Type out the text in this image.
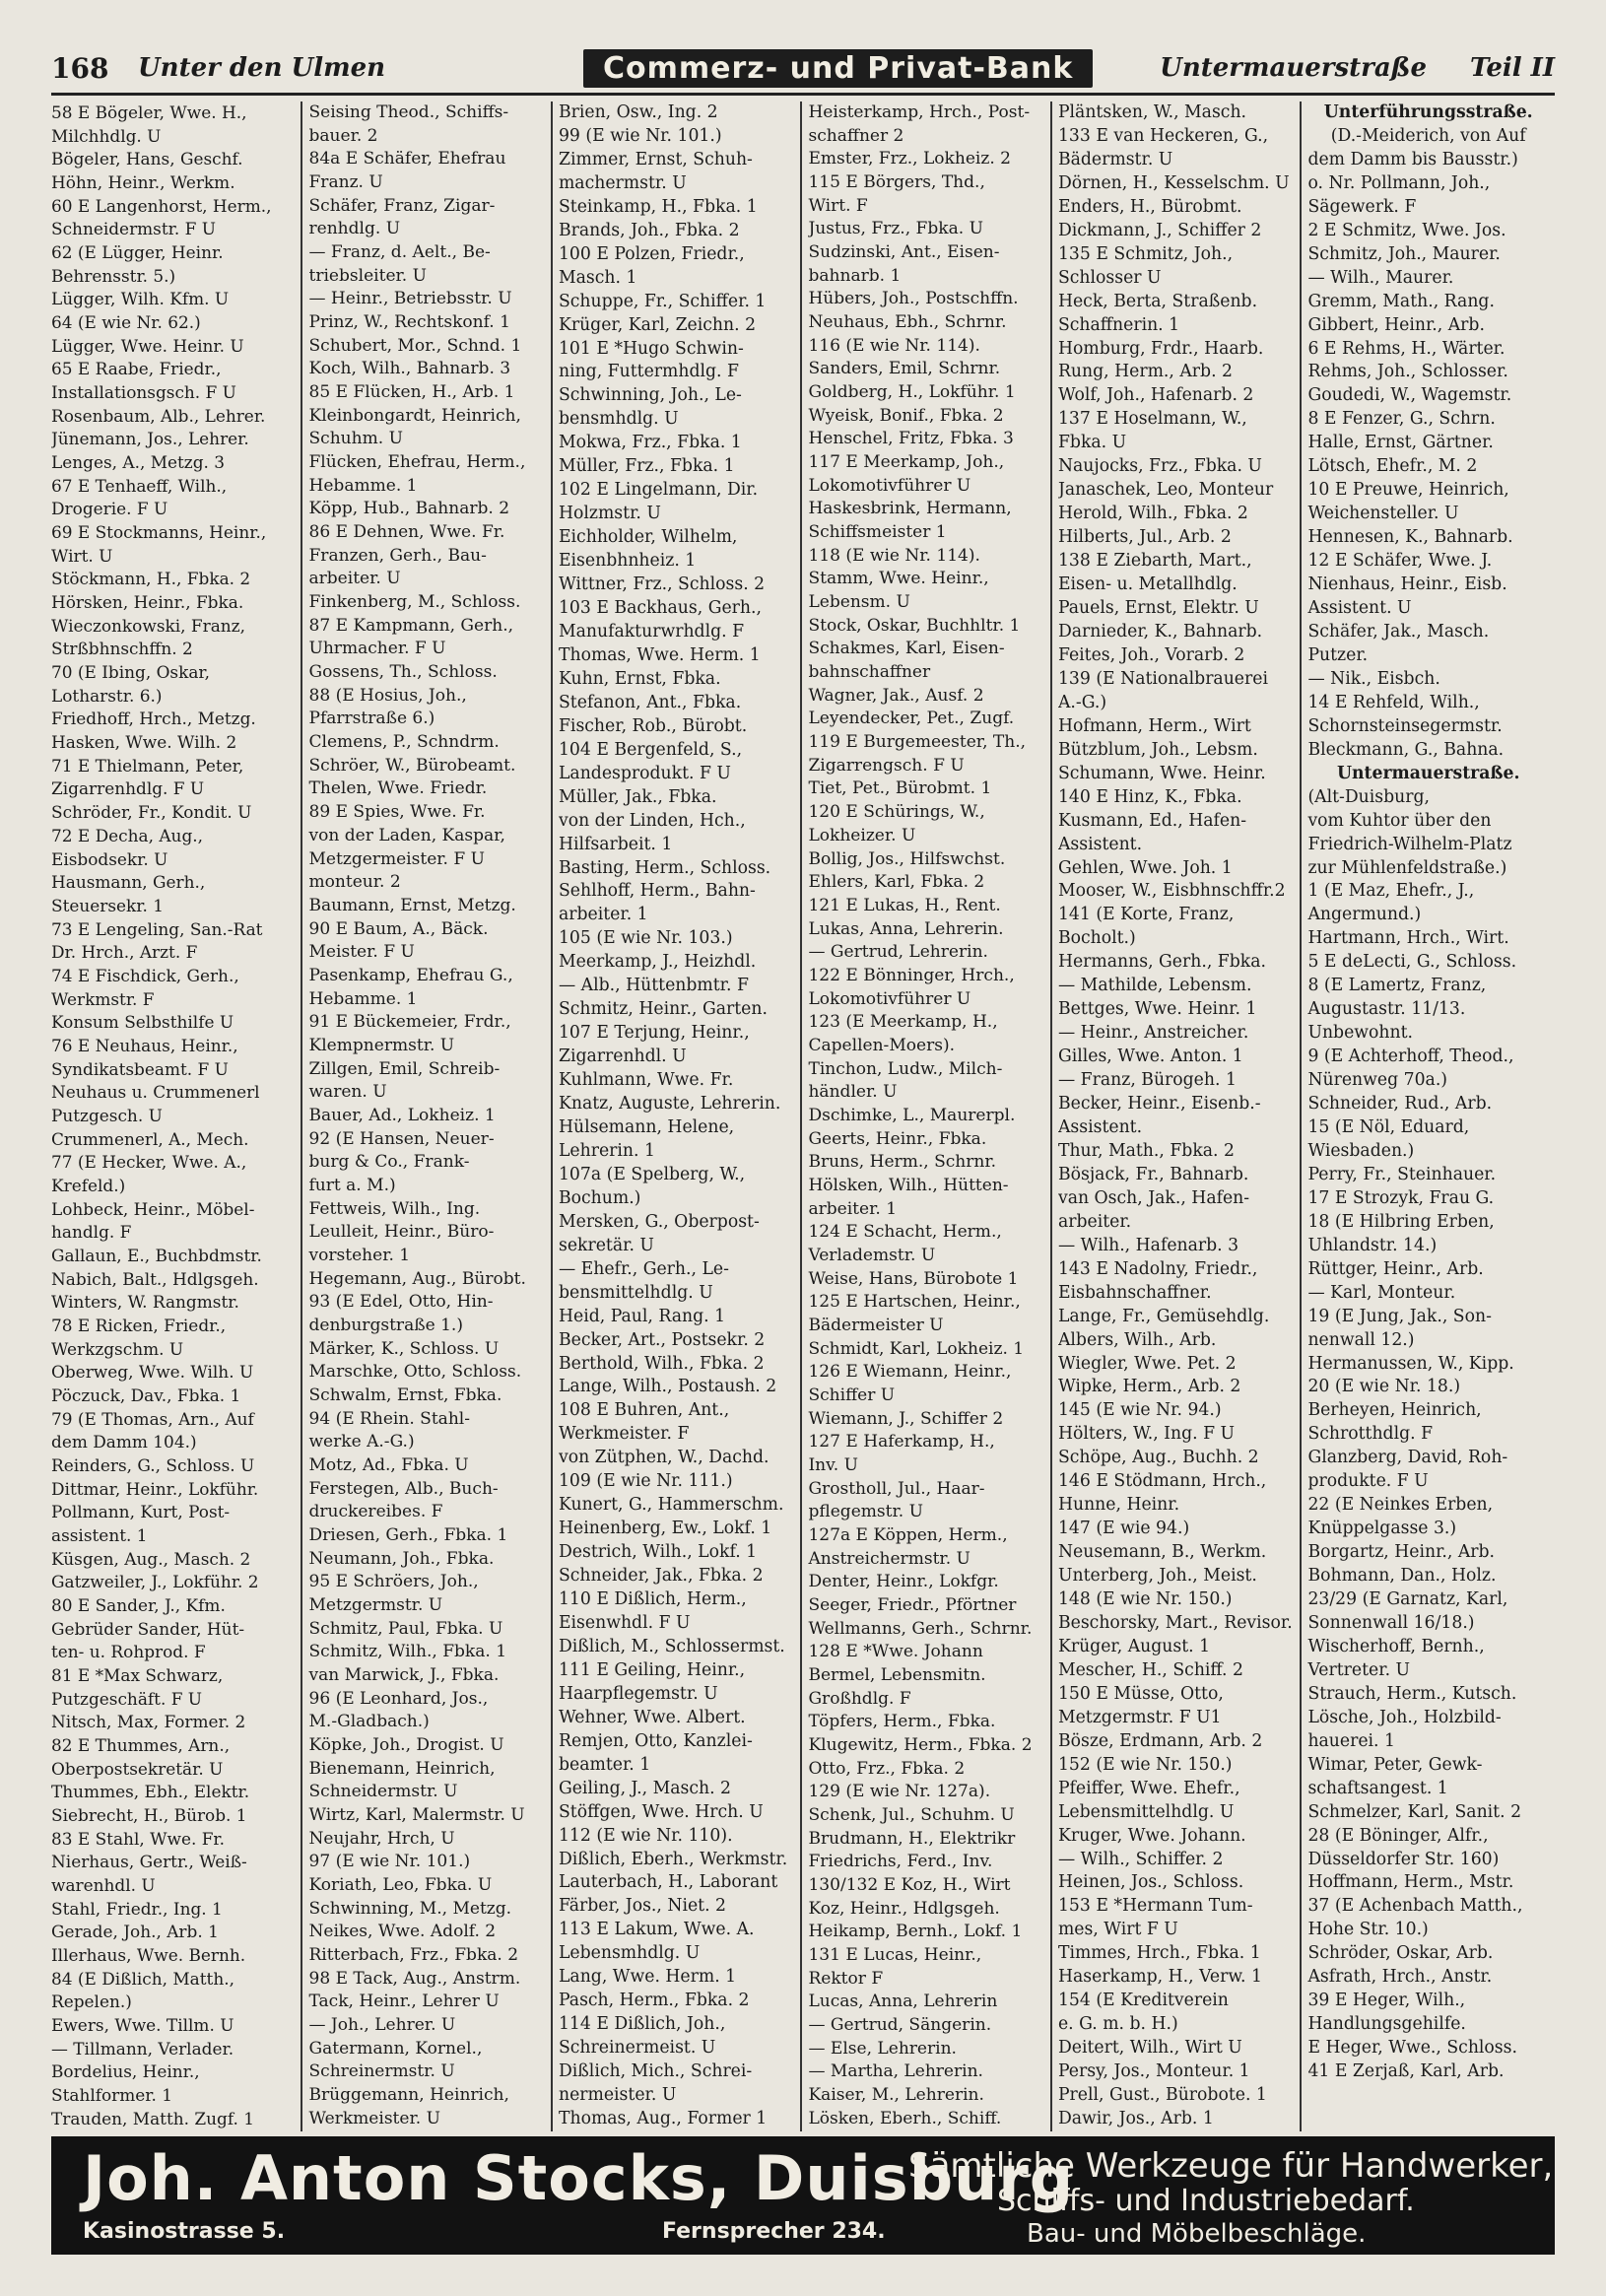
168 Unter den Ulmen	Commerz- und Privat-Bank	Untermauerstraße Teil II
58 E Bögeler, Wwe. H.,
Milchhdlg. U
Bögeler, Hans, Geschf.
Höhn, Heinr., Werkm.
60 E Langenhorst, Herm.,
Schneidermstr. F U
62 (E Lügger, Heinr.
Behrensstr. 5.)
Lügger, Wilh. Kfm. U
64 (E wie Nr. 62.)
Lügger, Wwe. Heinr. U
65 E Raabe, Friedr.,
Installationsgsch. F U
Rosenbaum, Alb., Lehrer.
Jünemann, Jos., Lehrer.
Lenges, A., Metzg. 3
67 E Tenhaeff, Wilh.,
Drogerie. F U
69 E Stockmanns, Heinr.,
Wirt. U
Stöckmann, H., Fbka. 2
Hörsken, Heinr., Fbka.
Wieczonkowski, Franz,
Strßbhnschffn. 2
70 (E Ibing, Oskar,
Lotharstr. 6.)
Friedhoff, Hrch., Metzg.
Hasken, Wwe. Wilh. 2
71 E Thielmann, Peter,
Zigarrenhdlg. F U
Schröder, Fr., Kondit. U
72 E Decha, Aug.,
Eisbodsekr. U
Hausmann, Gerh.,
Steuersekr. 1
73 E Lengeling, San.-Rat
Dr. Hrch., Arzt. F
74 E Fischdick, Gerh.,
Werkmstr. F
Konsum Selbsthilfe U
76 E Neuhaus, Heinr.,
Syndikatsbeamt. F U
Neuhaus u. Crummenerl
Putzgesch. U
Crummenerl, A., Mech.
77 (E Hecker, Wwe. A.,
Krefeld.)
Lohbeck, Heinr., Möbel-
handlg. F
Gallaun, E., Buchbdmstr.
Nabich, Balt., Hdlgsgeh.
Winters, W. Rangmstr.
78 E Ricken, Friedr.,
Werkzgschm. U
Oberweg, Wwe. Wilh. U
Pöczuck, Dav., Fbka. 1
79 (E Thomas, Arn., Auf
dem Damm 104.)
Reinders, G., Schloss. U
Dittmar, Heinr., Lokführ.
Pollmann, Kurt, Post-
assistent. 1
Küsgen, Aug., Masch. 2
Gatzweiler, J., Lokführ. 2
80 E Sander, J., Kfm.
Gebrüder Sander, Hüt-
ten- u. Rohprod. F
81 E *Max Schwarz,
Putzgeschäft. F U
Nitsch, Max, Former. 2
82 E Thummes, Arn.,
Oberpostsekretär. U
Thummes, Ebh., Elektr.
Siebrecht, H., Bürob. 1
83 E Stahl, Wwe. Fr.
Nierhaus, Gertr., Weiß-
warenhdl. U
Stahl, Friedr., Ing. 1
Gerade, Joh., Arb. 1
Illerhaus, Wwe. Bernh.
84 (E Dißlich, Matth.,
Repelen.)
Ewers, Wwe. Tillm. U
— Tillmann, Verlader.
Bordelius, Heinr.,
Stahlformer. 1
Trauden, Matth. Zugf. 1
Seising Theod., Schiffs-
bauer. 2
84a E Schäfer, Ehefrau
Franz. U
Schäfer, Franz, Zigar-
renhdlg. U
— Franz, d. Aelt., Be-
triebsleiter. U
— Heinr., Betriebsstr. U
Prinz, W., Rechtskonf. 1
Schubert, Mor., Schnd. 1
Koch, Wilh., Bahnarb. 3
85 E Flücken, H., Arb. 1
Kleinbongardt, Heinrich,
Schuhm. U
Flücken, Ehefrau, Herm.,
Hebamme. 1
Köpp, Hub., Bahnarb. 2
86 E Dehnen, Wwe. Fr.
Franzen, Gerh., Bau-
arbeiter. U
Finkenberg, M., Schloss.
87 E Kampmann, Gerh.,
Uhrmacher. F U
Gossens, Th., Schloss.
88 (E Hosius, Joh.,
Pfarrstraße 6.)
Clemens, P., Schndrm.
Schröer, W., Bürobeamt.
Thelen, Wwe. Friedr.
89 E Spies, Wwe. Fr.
von der Laden, Kaspar,
Metzgermeister. F U
monteur. 2
Baumann, Ernst, Metzg.
90 E Baum, A., Bäck.
Meister. F U
Pasenkamp, Ehefrau G.,
Hebamme. 1
91 E Bückemeier, Frdr.,
Klempnermstr. U
Zillgen, Emil, Schreib-
waren. U
Bauer, Ad., Lokheiz. 1
92 (E Hansen, Neuer-
burg & Co., Frank-
furt a. M.)
Fettweis, Wilh., Ing.
Leulleit, Heinr., Büro-
vorsteher. 1
Hegemann, Aug., Bürobt.
93 (E Edel, Otto, Hin-
denburgstraße 1.)
Märker, K., Schloss. U
Marschke, Otto, Schloss.
Schwalm, Ernst, Fbka.
94 (E Rhein. Stahl-
werke A.-G.)
Motz, Ad., Fbka. U
Ferstegen, Alb., Buch-
druckereibes. F
Driesen, Gerh., Fbka. 1
Neumann, Joh., Fbka.
95 E Schröers, Joh.,
Metzgermstr. U
Schmitz, Paul, Fbka. U
Schmitz, Wilh., Fbka. 1
van Marwick, J., Fbka.
96 (E Leonhard, Jos.,
M.-Gladbach.)
Köpke, Joh., Drogist. U
Bienemann, Heinrich,
Schneidermstr. U
Wirtz, Karl, Malermstr. U
Neujahr, Hrch, U
97 (E wie Nr. 101.)
Koriath, Leo, Fbka. U
Schwinning, M., Metzg.
Neikes, Wwe. Adolf. 2
Ritterbach, Frz., Fbka. 2
98 E Tack, Aug., Anstrm.
Tack, Heinr., Lehrer U
— Joh., Lehrer. U
Gatermann, Kornel.,
Schreinermstr. U
Brüggemann, Heinrich,
Werkmeister. U
Brien, Osw., Ing. 2
99 (E wie Nr. 101.)
Zimmer, Ernst, Schuh-
machermstr. U
Steinkamp, H., Fbka. 1
Brands, Joh., Fbka. 2
100 E Polzen, Friedr.,
Masch. 1
Schuppe, Fr., Schiffer. 1
Krüger, Karl, Zeichn. 2
101 E *Hugo Schwin-
ning, Futtermhdlg. F
Schwinning, Joh., Le-
bensmhdlg. U
Mokwa, Frz., Fbka. 1
Müller, Frz., Fbka. 1
102 E Lingelmann, Dir.
Holzmstr. U
Eichholder, Wilhelm,
Eisenbhnheiz. 1
Wittner, Frz., Schloss. 2
103 E Backhaus, Gerh.,
Manufakturwrhdlg. F
Thomas, Wwe. Herm. 1
Kuhn, Ernst, Fbka.
Stefanon, Ant., Fbka.
Fischer, Rob., Bürobt.
104 E Bergenfeld, S.,
Landesprodukt. F U
Müller, Jak., Fbka.
von der Linden, Hch.,
Hilfsarbeit. 1
Basting, Herm., Schloss.
Sehlhoff, Herm., Bahn-
arbeiter. 1
105 (E wie Nr. 103.)
Meerkamp, J., Heizhdl.
— Alb., Hüttenbmtr. F
Schmitz, Heinr., Garten.
107 E Terjung, Heinr.,
Zigarrenhdl. U
Kuhlmann, Wwe. Fr.
Knatz, Auguste, Lehrerin.
Hülsemann, Helene,
Lehrerin. 1
107a (E Spelberg, W.,
Bochum.)
Mersken, G., Oberpost-
sekretär. U
— Ehefr., Gerh., Le-
bensmittelhdlg. U
Heid, Paul, Rang. 1
Becker, Art., Postsekr. 2
Berthold, Wilh., Fbka. 2
Lange, Wilh., Postaush. 2
108 E Buhren, Ant.,
Werkmeister. F
von Zütphen, W., Dachd.
109 (E wie Nr. 111.)
Kunert, G., Hammerschm.
Heinenberg, Ew., Lokf. 1
Destrich, Wilh., Lokf. 1
Schneider, Jak., Fbka. 2
110 E Dißlich, Herm.,
Eisenwhdl. F U
Dißlich, M., Schlossermst.
111 E Geiling, Heinr.,
Haarpflegemstr. U
Wehner, Wwe. Albert.
Remjen, Otto, Kanzlei-
beamter. 1
Geiling, J., Masch. 2
Stöffgen, Wwe. Hrch. U
112 (E wie Nr. 110).
Dißlich, Eberh., Werkmstr.
Lauterbach, H., Laborant
Färber, Jos., Niet. 2
113 E Lakum, Wwe. A.
Lebensmhdlg. U
Lang, Wwe. Herm. 1
Pasch, Herm., Fbka. 2
114 E Dißlich, Joh.,
Schreinermeist. U
Dißlich, Mich., Schrei-
nermeister. U
Thomas, Aug., Former 1
Heisterkamp, Hrch., Post-
schaffner 2
Emster, Frz., Lokheiz. 2
115 E Börgers, Thd.,
Wirt. F
Justus, Frz., Fbka. U
Sudzinski, Ant., Eisen-
bahnarb. 1
Hübers, Joh., Postschffn.
Neuhaus, Ebh., Schrnr.
116 (E wie Nr. 114).
Sanders, Emil, Schrnr.
Goldberg, H., Lokführ. 1
Wyeisk, Bonif., Fbka. 2
Henschel, Fritz, Fbka. 3
117 E Meerkamp, Joh.,
Lokomotivführer U
Haskesbrink, Hermann,
Schiffsmeister 1
118 (E wie Nr. 114).
Stamm, Wwe. Heinr.,
Lebensm. U
Stock, Oskar, Buchhltr. 1
Schakmes, Karl, Eisen-
bahnschaffner
Wagner, Jak., Ausf. 2
Leyendecker, Pet., Zugf.
119 E Burgemeester, Th.,
Zigarrengsch. F U
Tiet, Pet., Bürobmt. 1
120 E Schürings, W.,
Lokheizer. U
Bollig, Jos., Hilfswchst.
Ehlers, Karl, Fbka. 2
121 E Lukas, H., Rent.
Lukas, Anna, Lehrerin.
— Gertrud, Lehrerin.
122 E Bönninger, Hrch.,
Lokomotivführer U
123 (E Meerkamp, H.,
Capellen-Moers).
Tinchon, Ludw., Milch-
händler. U
Dschimke, L., Maurerpl.
Geerts, Heinr., Fbka.
Bruns, Herm., Schrnr.
Hölsken, Wilh., Hütten-
arbeiter. 1
124 E Schacht, Herm.,
Verlademstr. U
Weise, Hans, Bürobote 1
125 E Hartschen, Heinr.,
Bädermeister U
Schmidt, Karl, Lokheiz. 1
126 E Wiemann, Heinr.,
Schiffer U
Wiemann, J., Schiffer 2
127 E Haferkamp, H.,
Inv. U
Grostholl, Jul., Haar-
pflegemstr. U
127a E Köppen, Herm.,
Anstreichermstr. U
Denter, Heinr., Lokfgr.
Seeger, Friedr., Pförtner
Wellmanns, Gerh., Schrnr.
128 E *Wwe. Johann
Bermel, Lebensmitn.
Großhdlg. F
Töpfers, Herm., Fbka.
Klugewitz, Herm., Fbka. 2
Otto, Frz., Fbka. 2
129 (E wie Nr. 127a).
Schenk, Jul., Schuhm. U
Brudmann, H., Elektrikr
Friedrichs, Ferd., Inv.
130/132 E Koz, H., Wirt
Koz, Heinr., Hdlgsgeh.
Heikamp, Bernh., Lokf. 1
131 E Lucas, Heinr.,
Rektor F
Lucas, Anna, Lehrerin
— Gertrud, Sängerin.
— Else, Lehrerin.
— Martha, Lehrerin.
Kaiser, M., Lehrerin.
Lösken, Eberh., Schiff.
Pläntsken, W., Masch.
133 E van Heckeren, G.,
Bädermstr. U
Dörnen, H., Kesselschm. U
Enders, H., Bürobmt.
Dickmann, J., Schiffer 2
135 E Schmitz, Joh.,
Schlosser U
Heck, Berta, Straßenb.
Schaffnerin. 1
Homburg, Frdr., Haarb.
Rung, Herm., Arb. 2
Wolf, Joh., Hafenarb. 2
137 E Hoselmann, W.,
Fbka. U
Naujocks, Frz., Fbka. U
Janaschek, Leo, Monteur
Herold, Wilh., Fbka. 2
Hilberts, Jul., Arb. 2
138 E Ziebarth, Mart.,
Eisen- u. Metallhdlg.
Pauels, Ernst, Elektr. U
Darnieder, K., Bahnarb.
Feites, Joh., Vorarb. 2
139 (E Nationalbrauerei
A.-G.)
Hofmann, Herm., Wirt
Bützblum, Joh., Lebsm.
Schumann, Wwe. Heinr.
140 E Hinz, K., Fbka.
Kusmann, Ed., Hafen-
Assistent.
Gehlen, Wwe. Joh. 1
Mooser, W., Eisbhnschffr.2
141 (E Korte, Franz,
Bocholt.)
Hermanns, Gerh., Fbka.
— Mathilde, Lebensm.
Bettges, Wwe. Heinr. 1
— Heinr., Anstreicher.
Gilles, Wwe. Anton. 1
— Franz, Bürogeh. 1
Becker, Heinr., Eisenb.-
Assistent.
Thur, Math., Fbka. 2
Bösjack, Fr., Bahnarb.
van Osch, Jak., Hafen-
arbeiter.
— Wilh., Hafenarb. 3
143 E Nadolny, Friedr.,
Eisbahnschaffner.
Lange, Fr., Gemüsehdlg.
Albers, Wilh., Arb.
Wiegler, Wwe. Pet. 2
Wipke, Herm., Arb. 2
145 (E wie Nr. 94.)
Hölters, W., Ing. F U
Schöpe, Aug., Buchh. 2
146 E Stödmann, Hrch.,
Hunne, Heinr.
147 (E wie 94.)
Neusemann, B., Werkm.
Unterberg, Joh., Meist.
148 (E wie Nr. 150.)
Beschorsky, Mart., Revisor.
Krüger, August. 1
Mescher, H., Schiff. 2
150 E Müsse, Otto,
Metzgermstr. F U1
Bösze, Erdmann, Arb. 2
152 (E wie Nr. 150.)
Pfeiffer, Wwe. Ehefr.,
Lebensmittelhdlg. U
Kruger, Wwe. Johann.
— Wilh., Schiffer. 2
Heinen, Jos., Schloss.
153 E *Hermann Tum-
mes, Wirt F U
Timmes, Hrch., Fbka. 1
Haserkamp, H., Verw. 1
154 (E Kreditverein
e. G. m. b. H.)
Deitert, Wilh., Wirt U
Persy, Jos., Monteur. 1
Prell, Gust., Bürobote. 1
Dawir, Jos., Arb. 1
Unterführungsstraße.
(D.-Meiderich, von Auf
dem Damm bis Bausstr.)
o. Nr. Pollmann, Joh.,
Sägewerk. F
2 E Schmitz, Wwe. Jos.
Schmitz, Joh., Maurer.
— Wilh., Maurer.
Gremm, Math., Rang.
Gibbert, Heinr., Arb.
6 E Rehms, H., Wärter.
Rehms, Joh., Schlosser.
Goudedi, W., Wagemstr.
8 E Fenzer, G., Schrn.
Halle, Ernst, Gärtner.
Lötsch, Ehefr., M. 2
10 E Preuwe, Heinrich,
Weichensteller. U
Hennesen, K., Bahnarb.
12 E Schäfer, Wwe. J.
Nienhaus, Heinr., Eisb.
Assistent. U
Schäfer, Jak., Masch.
Putzer.
— Nik., Eisbch.
14 E Rehfeld, Wilh.,
Schornsteinsegermstr.
Bleckmann, G., Bahna.
Untermauerstraße.
(Alt-Duisburg,
vom Kuhtor über den
Friedrich-Wilhelm-Platz
zur Mühlenfeldstraße.)
1 (E Maz, Ehefr., J.,
Angermund.)
Hartmann, Hrch., Wirt.
5 E deLecti, G., Schloss.
8 (E Lamertz, Franz,
Augustastr. 11/13.
Unbewohnt.
9 (E Achterhoff, Theod.,
Nürenweg 70a.)
Schneider, Rud., Arb.
15 (E Nöl, Eduard,
Wiesbaden.)
Perry, Fr., Steinhauer.
17 E Strozyk, Frau G.
18 (E Hilbring Erben,
Uhlandstr. 14.)
Rüttger, Heinr., Arb.
— Karl, Monteur.
19 (E Jung, Jak., Son-
nenwall 12.)
Hermanussen, W., Kipp.
20 (E wie Nr. 18.)
Berheyen, Heinrich,
Schrotthdlg. F
Glanzberg, David, Roh-
produkte. F U
22 (E Neinkes Erben,
Knüppelgasse 3.)
Borgartz, Heinr., Arb.
Bohmann, Dan., Holz.
23/29 (E Garnatz, Karl,
Sonnenwall 16/18.)
Wischerhoff, Bernh.,
Vertreter. U
Strauch, Herm., Kutsch.
Lösche, Joh., Holzbild-
hauerei. 1
Wimar, Peter, Gewk-
schaftsangest. 1
Schmelzer, Karl, Sanit. 2
28 (E Böninger, Alfr.,
Düsseldorfer Str. 160)
Hoffmann, Herm., Mstr.
37 (E Achenbach Matth.,
Hohe Str. 10.)
Schröder, Oskar, Arb.
Asfrath, Hrch., Anstr.
39 E Heger, Wilh.,
Handlungsgehilfe.
E Heger, Wwe., Schloss.
41 E Zerjaß, Karl, Arb.
Joh. Anton Stocks, Duisburg
Kasinostrasse 5.	Fernsprecher 234.
Sämtliche Werkzeuge für Handwerker,
Schiffs- und Industriebedarf.
Bau- und Möbelbeschläge.
